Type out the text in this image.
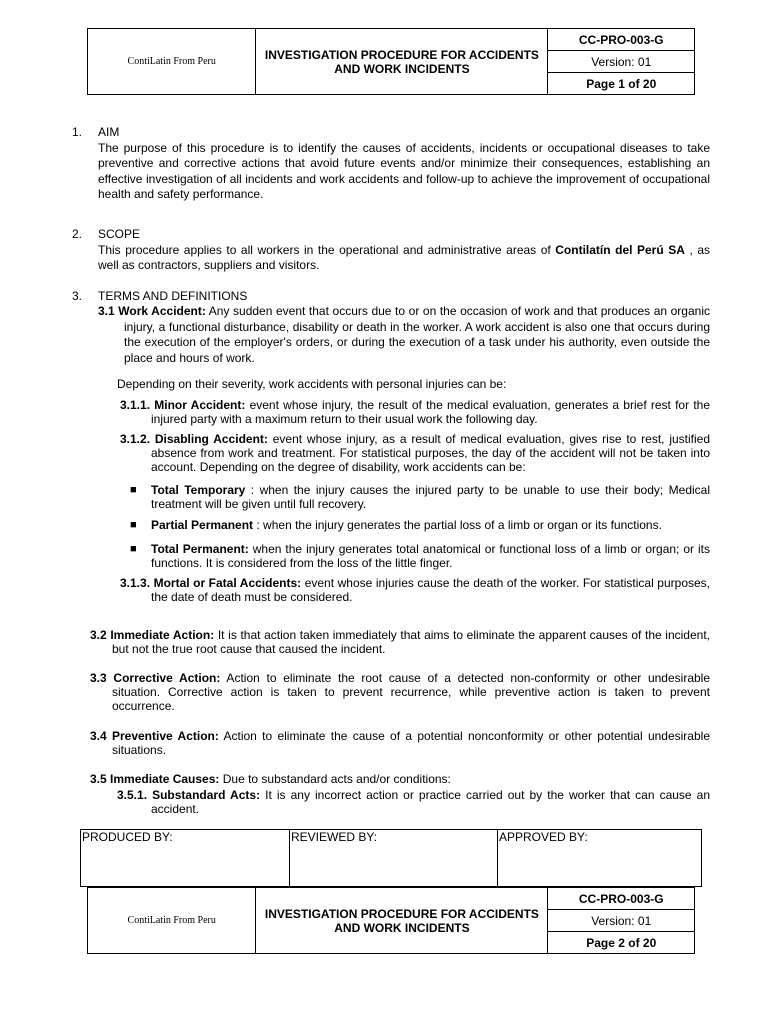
ContiLatin From Peru	INVESTIGATION PROCEDURE FOR ACCIDENTS
AND WORK INCIDENTS	CC-PRO-003-G
Version: 01
Page 1 of 20
1. AIM
The purpose of this procedure is to identify the causes of accidents, incidents or occupational diseases to take preventive and corrective actions that avoid future events and/or minimize their consequences, establishing an effective investigation of all incidents and work accidents and follow-up to achieve the improvement of occupational health and safety performance.
2. SCOPE
This procedure applies to all workers in the operational and administrative areas of Contilatín del Perú SA , as well as contractors, suppliers and visitors.
3. TERMS AND DEFINITIONS
3.1 Work Accident: Any sudden event that occurs due to or on the occasion of work and that produces an organic injury, a functional disturbance, disability or death in the worker. A work accident is also one that occurs during the execution of the employer's orders, or during the execution of a task under his authority, even outside the place and hours of work.
Depending on their severity, work accidents with personal injuries can be:
3.1.1. Minor Accident: event whose injury, the result of the medical evaluation, generates a brief rest for the injured party with a maximum return to their usual work the following day.
3.1.2. Disabling Accident: event whose injury, as a result of medical evaluation, gives rise to rest, justified absence from work and treatment. For statistical purposes, the day of the accident will not be taken into account. Depending on the degree of disability, work accidents can be:
■ Total Temporary : when the injury causes the injured party to be unable to use their body; Medical treatment will be given until full recovery.
■ Partial Permanent : when the injury generates the partial loss of a limb or organ or its functions.
■ Total Permanent: when the injury generates total anatomical or functional loss of a limb or organ; or its functions. It is considered from the loss of the little finger.
3.1.3. Mortal or Fatal Accidents: event whose injuries cause the death of the worker. For statistical purposes, the date of death must be considered.
3.2 Immediate Action: It is that action taken immediately that aims to eliminate the apparent causes of the incident, but not the true root cause that caused the incident.
3.3 Corrective Action: Action to eliminate the root cause of a detected non-conformity or other undesirable situation. Corrective action is taken to prevent recurrence, while preventive action is taken to prevent occurrence.
3.4 Preventive Action: Action to eliminate the cause of a potential nonconformity or other potential undesirable situations.
3.5 Immediate Causes: Due to substandard acts and/or conditions:
3.5.1. Substandard Acts: It is any incorrect action or practice carried out by the worker that can cause an accident.
PRODUCED BY:	REVIEWED BY:	APPROVED BY:
ContiLatin From Peru	INVESTIGATION PROCEDURE FOR ACCIDENTS
AND WORK INCIDENTS	CC-PRO-003-G
Version: 01
Page 2 of 20
